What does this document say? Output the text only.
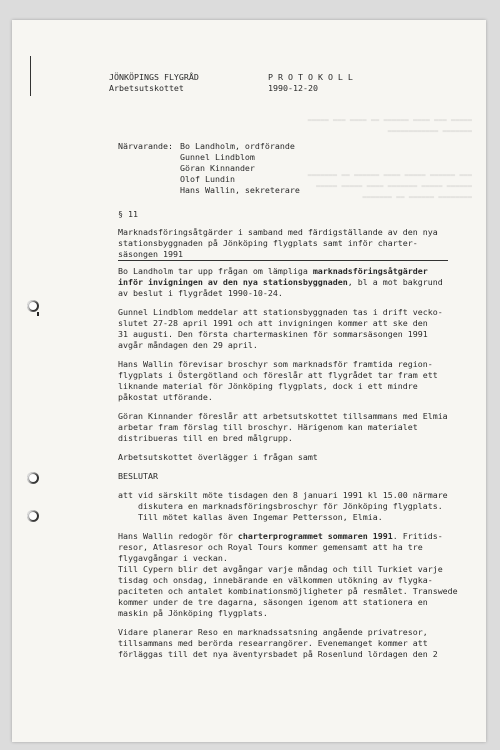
▬▬▬▬▬ ▬▬▬ ▬▬▬▬ ▬▬▬▬▬▬ ▬▬ ▬▬▬▬ ▬▬▬ ▬▬▬▬▬
▬▬▬▬▬▬▬ ▬▬▬▬▬▬▬▬▬▬▬▬
▬▬▬ ▬▬▬▬▬▬ ▬▬▬▬▬ ▬▬▬▬ ▬▬▬▬▬▬ ▬▬ ▬▬▬▬▬▬▬
▬▬▬▬▬▬ ▬▬▬▬▬ ▬▬▬▬▬▬▬ ▬▬▬▬ ▬▬▬▬▬ ▬▬▬▬▬
▬▬▬▬▬▬▬▬ ▬▬▬▬▬▬ ▬▬ ▬▬▬▬▬▬▬
JÖNKÖPINGS FLYGRÅD
Arbetsutskottet
P R O T O K O L L
1990-12-20
Närvarande: Bo Landholm, ordförande
Gunnel Lindblom
Göran Kinnander
Olof Lundin
Hans Wallin, sekreterare
§ 11
Marknadsföringsåtgärder i samband med färdigställande av den nya
stationsbyggnaden på Jönköping flygplats samt inför charter-
säsongen 1991
Bo Landholm tar upp frågan om lämpliga marknadsföringsåtgärder
inför invigningen av den nya stationsbyggnaden, bl a mot bakgrund
av beslut i flygrådet 1990-10-24.
Gunnel Lindblom meddelar att stationsbyggnaden tas i drift vecko-
slutet 27-28 april 1991 och att invigningen kommer att ske den
31 augusti. Den första chartermaskinen för sommarsäsongen 1991
avgår måndagen den 29 april.
Hans Wallin förevisar broschyr som marknadsför framtida region-
flygplats i Östergötland och föreslår att flygrådet tar fram ett
liknande material för Jönköping flygplats, dock i ett mindre
påkostat utförande.
Göran Kinnander föreslår att arbetsutskottet tillsammans med Elmia
arbetar fram förslag till broschyr. Härigenom kan materialet
distribueras till en bred målgrupp.
Arbetsutskottet överlägger i frågan samt
BESLUTAR
att vid särskilt möte tisdagen den 8 januari 1991 kl 15.00 närmare
diskutera en marknadsföringsbroschyr för Jönköping flygplats.
Till mötet kallas även Ingemar Pettersson, Elmia.
Hans Wallin redogör för charterprogrammet sommaren 1991. Fritids-
resor, Atlasresor och Royal Tours kommer gemensamt att ha tre
flygavgångar i veckan.
Till Cypern blir det avgångar varje måndag och till Turkiet varje
tisdag och onsdag, innebärande en välkommen utökning av flygka-
paciteten och antalet kombinationsmöjligheter på resmålet. Transwede
kommer under de tre dagarna, säsongen igenom att stationera en
maskin på Jönköping flygplats.
Vidare planerar Reso en marknadssatsning angående privatresor,
tillsammans med berörda researrangörer. Evenemanget kommer att
förläggas till det nya äventyrsbadet på Rosenlund lördagen den 2
